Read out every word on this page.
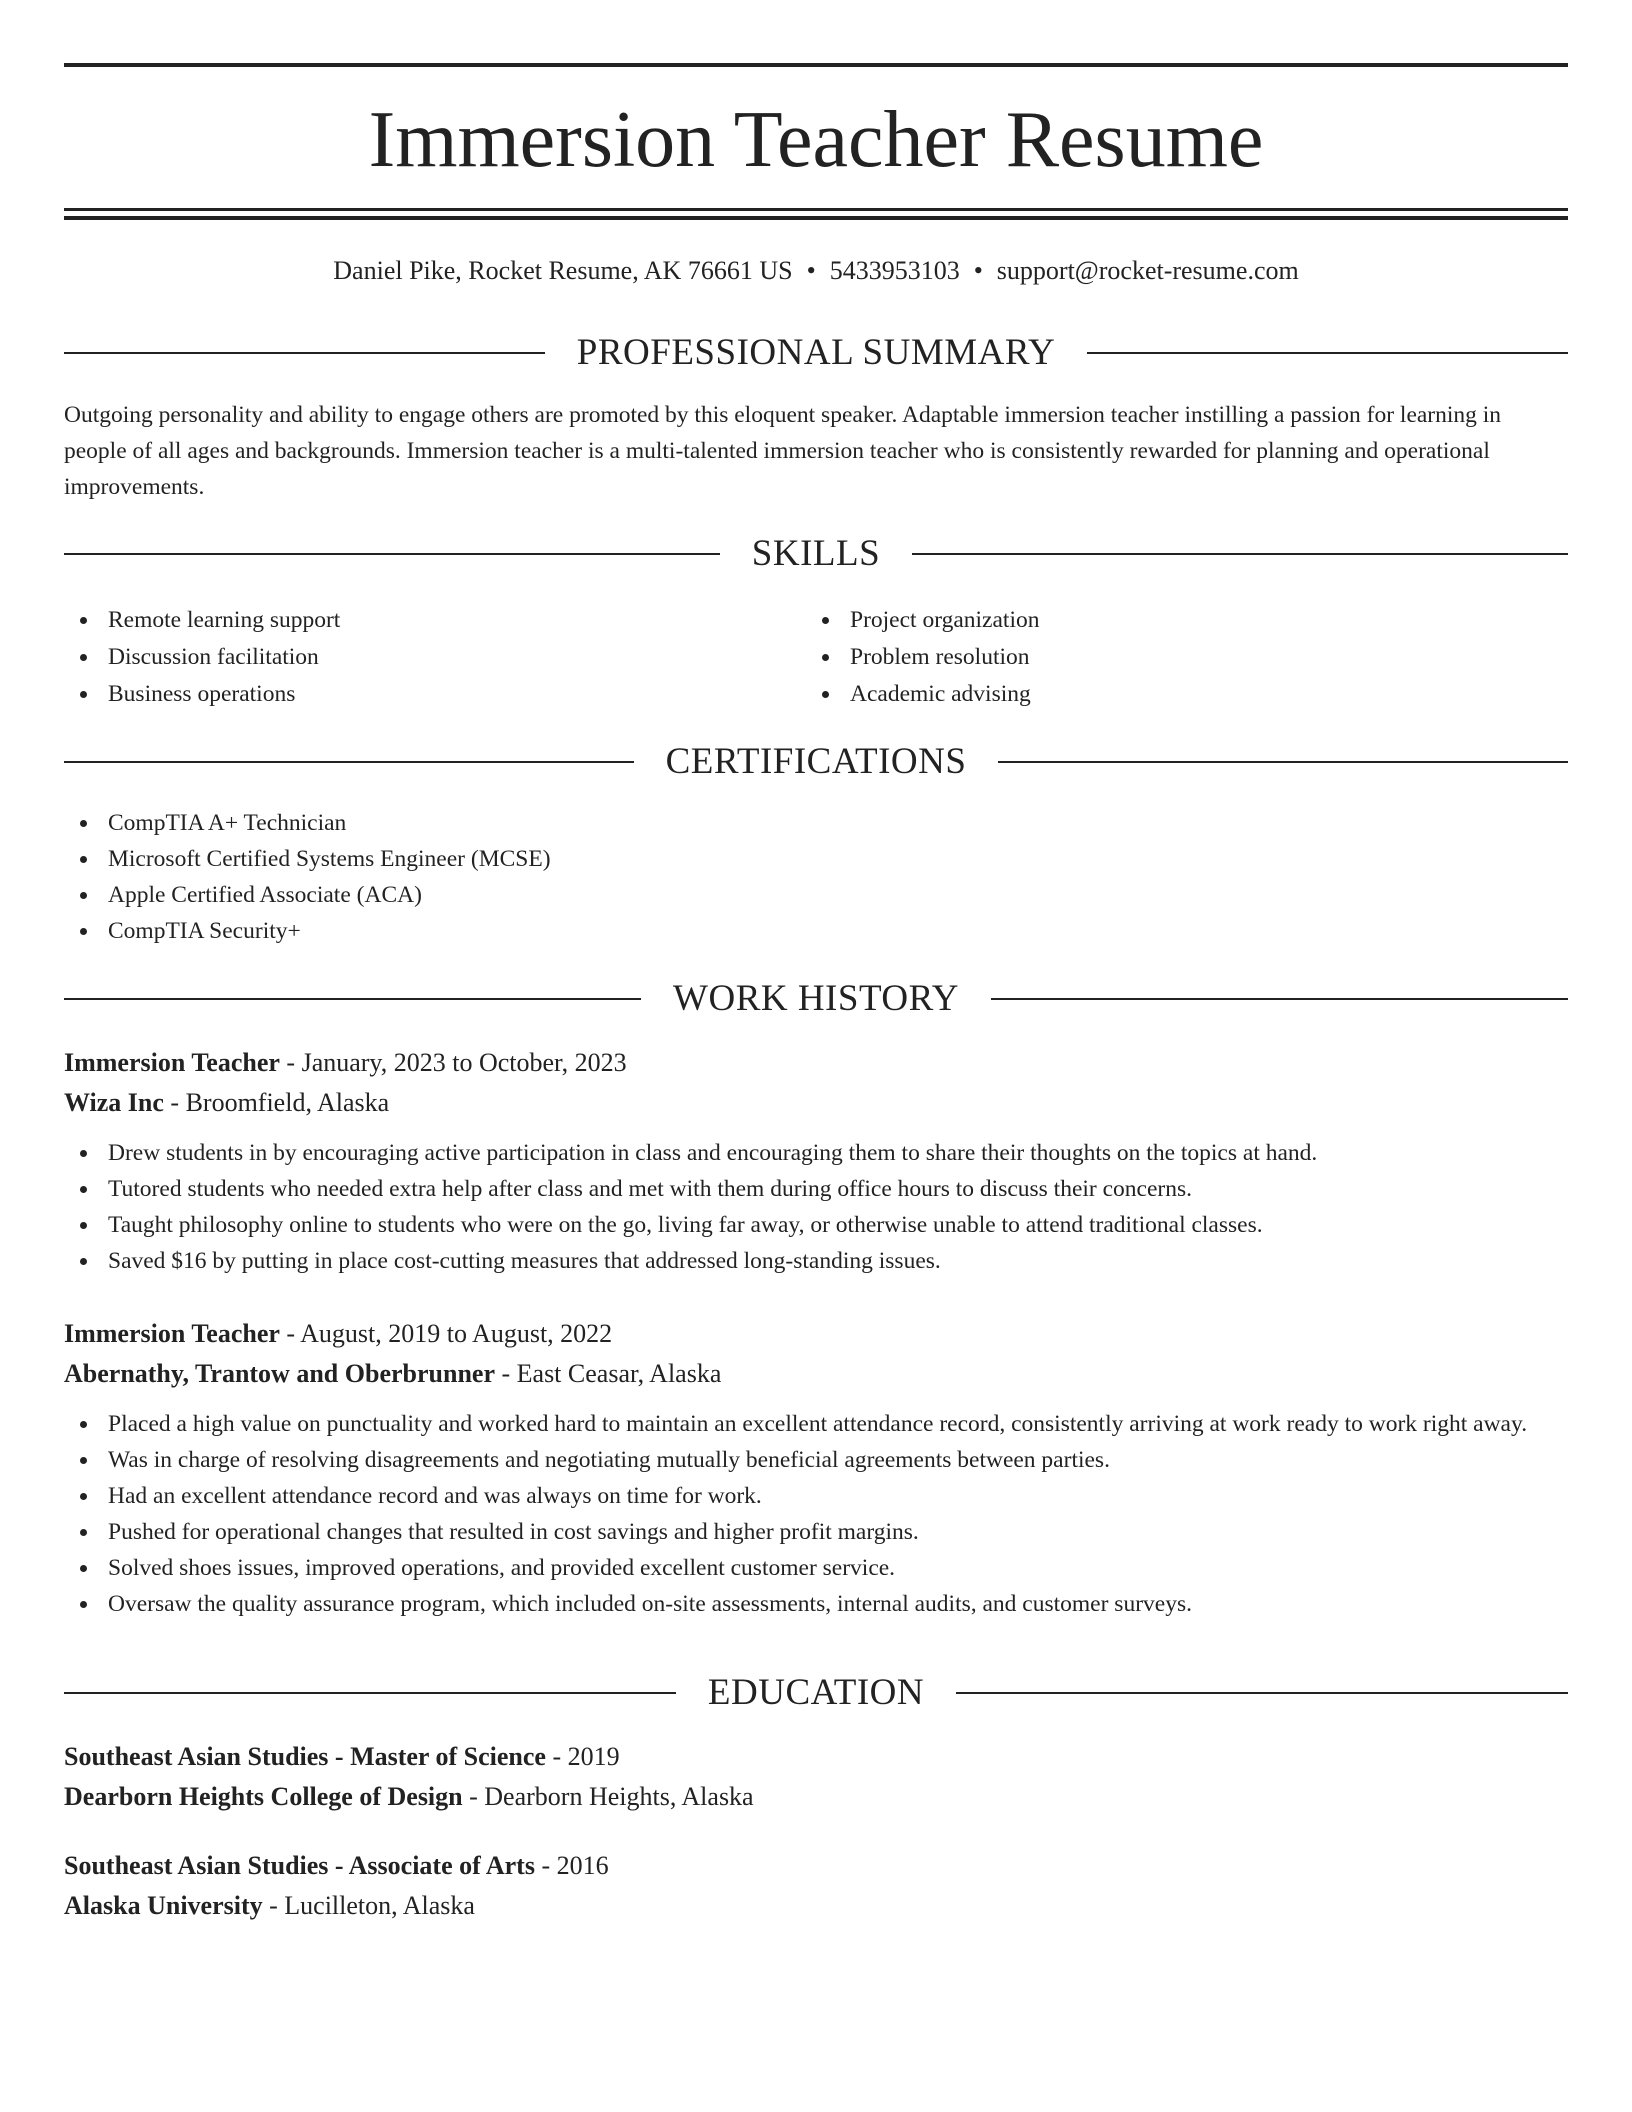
Immersion Teacher Resume
Daniel Pike, Rocket Resume, AK 76661 US • 5433953103 • support@rocket-resume.com
PROFESSIONAL SUMMARY

Outgoing personality and ability to engage others are promoted by this eloquent speaker. Adaptable immersion teacher instilling a passion for learning in people of all ages and backgrounds. Immersion teacher is a multi-talented immersion teacher who is consistently rewarded for planning and operational improvements.

SKILLS
Remote learning support
Discussion facilitation
Business operations
Project organization
Problem resolution
Academic advising
CERTIFICATIONS
CompTIA A+ Technician
Microsoft Certified Systems Engineer (MCSE)
Apple Certified Associate (ACA)
CompTIA Security+
WORK HISTORY
Immersion Teacher - January, 2023 to October, 2023
Wiza Inc - Broomfield, Alaska
Drew students in by encouraging active participation in class and encouraging them to share their thoughts on the topics at hand.
Tutored students who needed extra help after class and met with them during office hours to discuss their concerns.
Taught philosophy online to students who were on the go, living far away, or otherwise unable to attend traditional classes.
Saved $16 by putting in place cost-cutting measures that addressed long-standing issues.
Immersion Teacher - August, 2019 to August, 2022
Abernathy, Trantow and Oberbrunner - East Ceasar, Alaska
Placed a high value on punctuality and worked hard to maintain an excellent attendance record, consistently arriving at work ready to work right away.
Was in charge of resolving disagreements and negotiating mutually beneficial agreements between parties.
Had an excellent attendance record and was always on time for work.
Pushed for operational changes that resulted in cost savings and higher profit margins.
Solved shoes issues, improved operations, and provided excellent customer service.
Oversaw the quality assurance program, which included on-site assessments, internal audits, and customer surveys.
EDUCATION
Southeast Asian Studies - Master of Science - 2019
Dearborn Heights College of Design - Dearborn Heights, Alaska
Southeast Asian Studies - Associate of Arts - 2016
Alaska University - Lucilleton, Alaska
